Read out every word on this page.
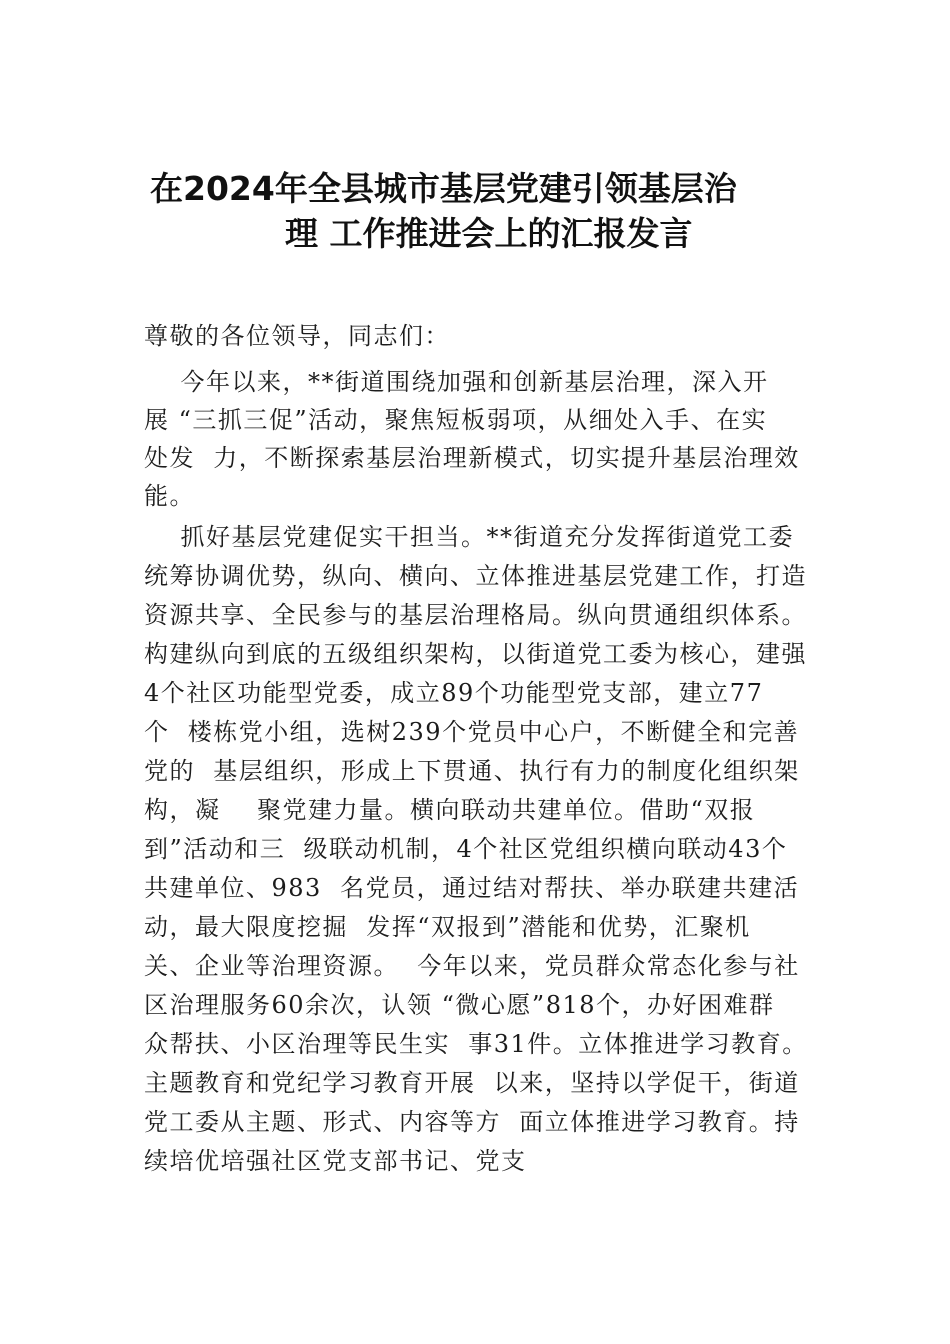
在2024年全县城市基层党建引领基层治
理 工作推进会上的汇报发言
尊敬的各位领导，同志们：
今年以来，**街道围绕加强和创新基层治理，深入开
展 “三抓三促”活动，聚焦短板弱项，从细处入手、在实
处发  力，不断探索基层治理新模式，切实提升基层治理效
能。
抓好基层党建促实干担当。**街道充分发挥街道党工委
统筹协调优势，纵向、横向、立体推进基层党建工作，打造
资源共享、全民参与的基层治理格局。纵向贯通组织体系。
构建纵向到底的五级组织架构，以街道党工委为核心，建强
4个社区功能型党委，成立89个功能型党支部，建立77
个  楼栋党小组，选树239个党员中心户，不断健全和完善
党的  基层组织，形成上下贯通、执行有力的制度化组织架
构，凝    聚党建力量。横向联动共建单位。借助“双报
到”活动和三  级联动机制，4个社区党组织横向联动43个
共建单位、983  名党员，通过结对帮扶、举办联建共建活
动，最大限度挖掘  发挥“双报到”潜能和优势，汇聚机
关、企业等治理资源。  今年以来，党员群众常态化参与社
区治理服务60余次，认领 “微心愿”818个，办好困难群
众帮扶、小区治理等民生实  事31件。立体推进学习教育。
主题教育和党纪学习教育开展  以来，坚持以学促干，街道
党工委从主题、形式、内容等方  面立体推进学习教育。持
续培优培强社区党支部书记、党支
